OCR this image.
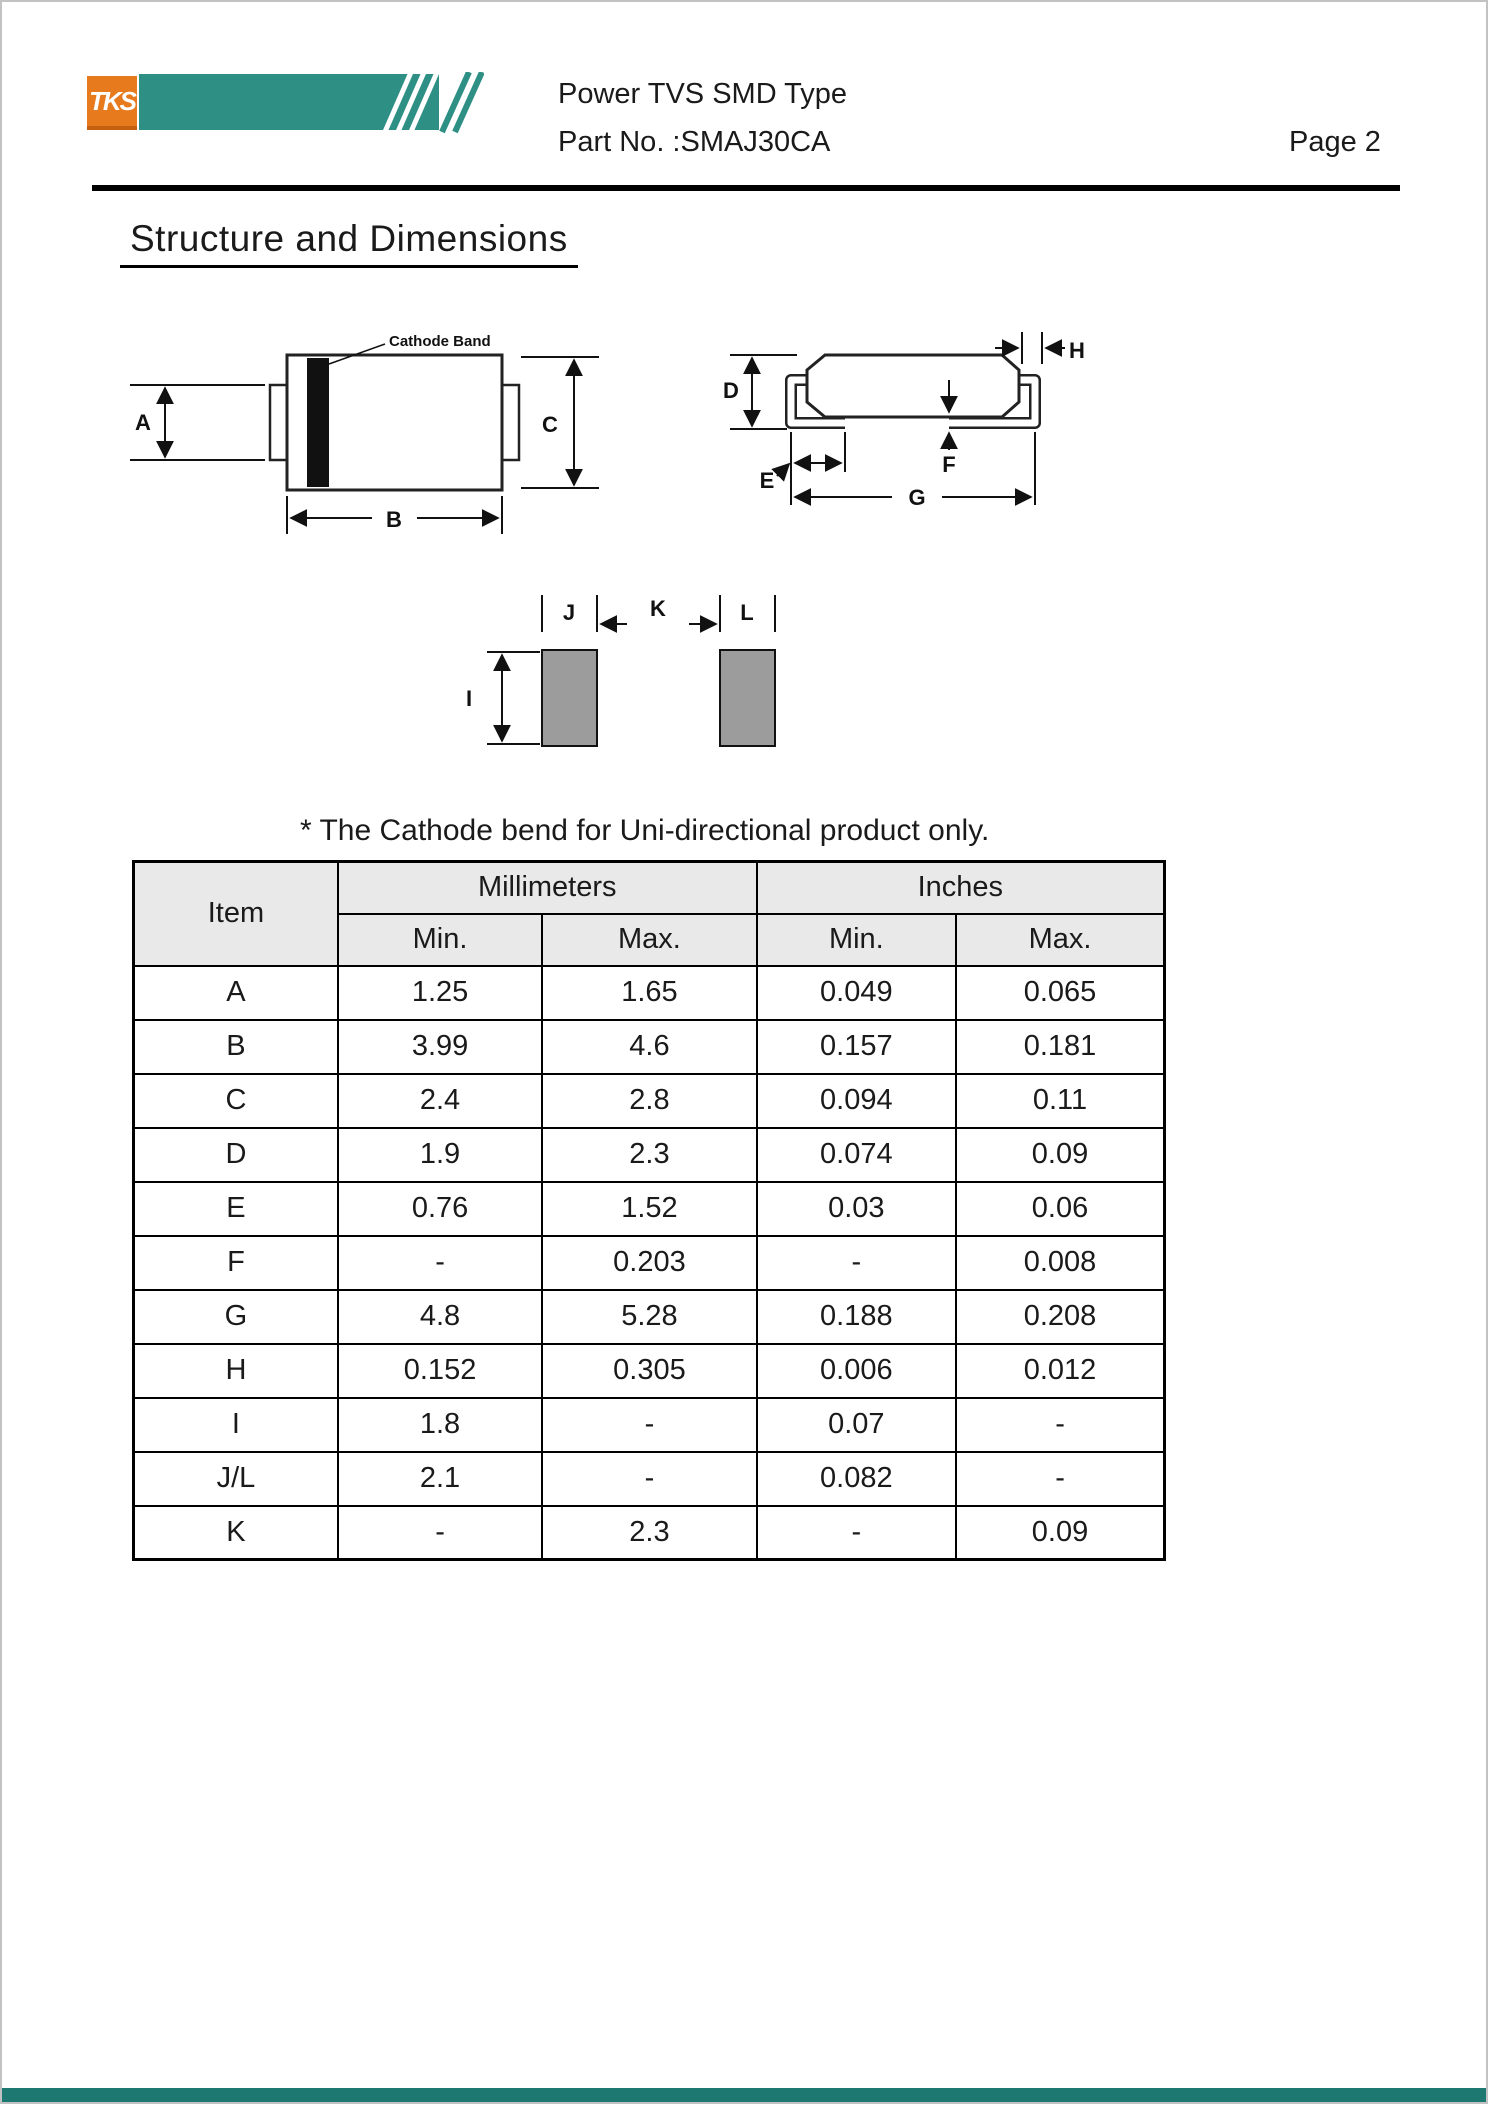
TKS	Power TVS SMD Type
Part No. :SMAJ30CA	Page 2
Structure and Dimensions
Cathode Band
A	C
B
D
H
F
E
G
J	K	L
I
* The Cathode bend for Uni-directional product only.
Item	Millimeters		Inches	
	Min.	Max.	Min.	Max.
A	1.25	1.65	0.049	0.065
B	3.99	4.6	0.157	0.181
C	2.4	2.8	0.094	0.11
D	1.9	2.3	0.074	0.09
E	0.76	1.52	0.03	0.06
F	-	0.203	-	0.008
G	4.8	5.28	0.188	0.208
H	0.152	0.305	0.006	0.012
I	1.8	-	0.07	-
J/L	2.1	-	0.082	-
K	-	2.3	-	0.09
